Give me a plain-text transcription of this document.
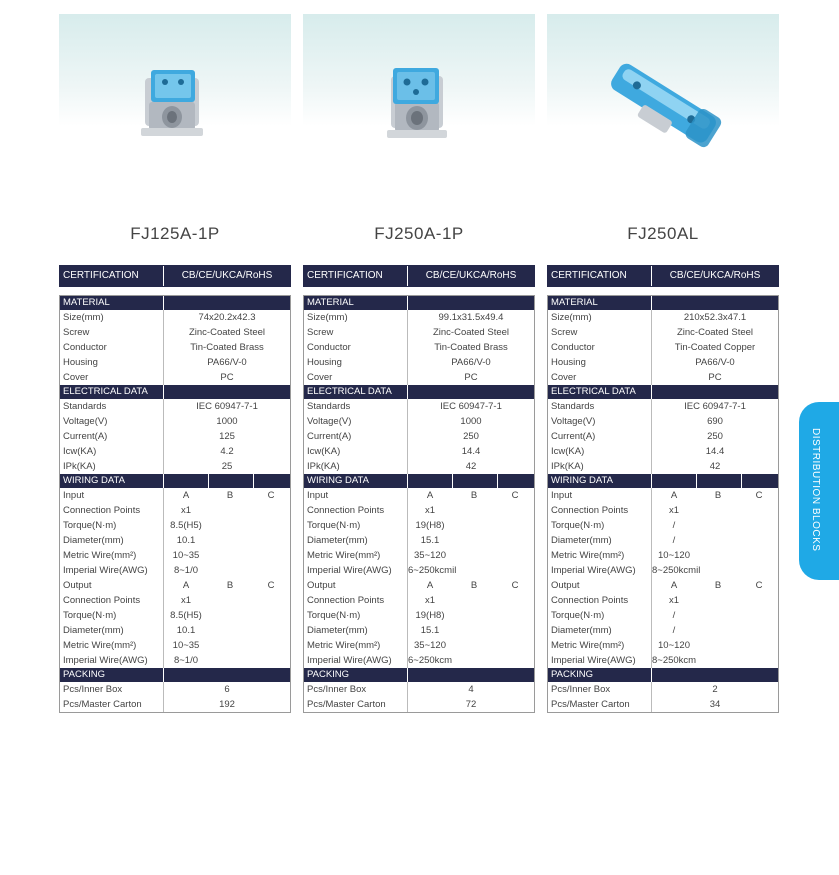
FJ125A-1P	FJ250A-1P	FJ250AL
CERTIFICATION	CB/CE/UKCA/RoHS
MATERIAL
Size(mm)	74x20.2x42.3
Screw	Zinc-Coated Steel
Conductor	Tin-Coated Brass
Housing	PA66/V-0
Cover	PC
ELECTRICAL DATA
Standards	IEC 60947-7-1
Voltage(V)	1000
Current(A)	125
Icw(KA)	4.2
IPk(KA)	25
WIRING DATA
Input	A	B	C
Connection Points	x1
Torque(N·m)	8.5(H5)
Diameter(mm)	10.1
Metric Wire(mm²)	10~35
Imperial Wire(AWG)	8~1/0
Output	A	B	C
Connection Points	x1
Torque(N·m)	8.5(H5)
Diameter(mm)	10.1
Metric Wire(mm²)	10~35
Imperial Wire(AWG)	8~1/0
PACKING
Pcs/Inner Box	6
Pcs/Master Carton	192
CERTIFICATION	CB/CE/UKCA/RoHS
MATERIAL
Size(mm)	99.1x31.5x49.4
Screw	Zinc-Coated Steel
Conductor	Tin-Coated Brass
Housing	PA66/V-0
Cover	PC
ELECTRICAL DATA
Standards	IEC 60947-7-1
Voltage(V)	1000
Current(A)	250
Icw(KA)	14.4
IPk(KA)	42
WIRING DATA
Input	A	B	C
Connection Points	x1
Torque(N·m)	19(H8)
Diameter(mm)	15.1
Metric Wire(mm²)	35~120
Imperial Wire(AWG)	6~250kcmil
Output	A	B	C
Connection Points	x1
Torque(N·m)	19(H8)
Diameter(mm)	15.1
Metric Wire(mm²)	35~120
Imperial Wire(AWG)	6~250kcm
PACKING
Pcs/Inner Box	4
Pcs/Master Carton	72
CERTIFICATION	CB/CE/UKCA/RoHS
MATERIAL
Size(mm)	210x52.3x47.1
Screw	Zinc-Coated Steel
Conductor	Tin-Coated Copper
Housing	PA66/V-0
Cover	PC
ELECTRICAL DATA
Standards	IEC 60947-7-1
Voltage(V)	690
Current(A)	250
Icw(KA)	14.4
IPk(KA)	42
WIRING DATA
Input	A	B	C
Connection Points	x1
Torque(N·m)	/
Diameter(mm)	/
Metric Wire(mm²)	10~120
Imperial Wire(AWG)	8~250kcmil
Output	A	B	C
Connection Points	x1
Torque(N·m)	/
Diameter(mm)	/
Metric Wire(mm²)	10~120
Imperial Wire(AWG)	8~250kcm
PACKING
Pcs/Inner Box	2
Pcs/Master Carton	34
DISTRIBUTION BLOCKS
